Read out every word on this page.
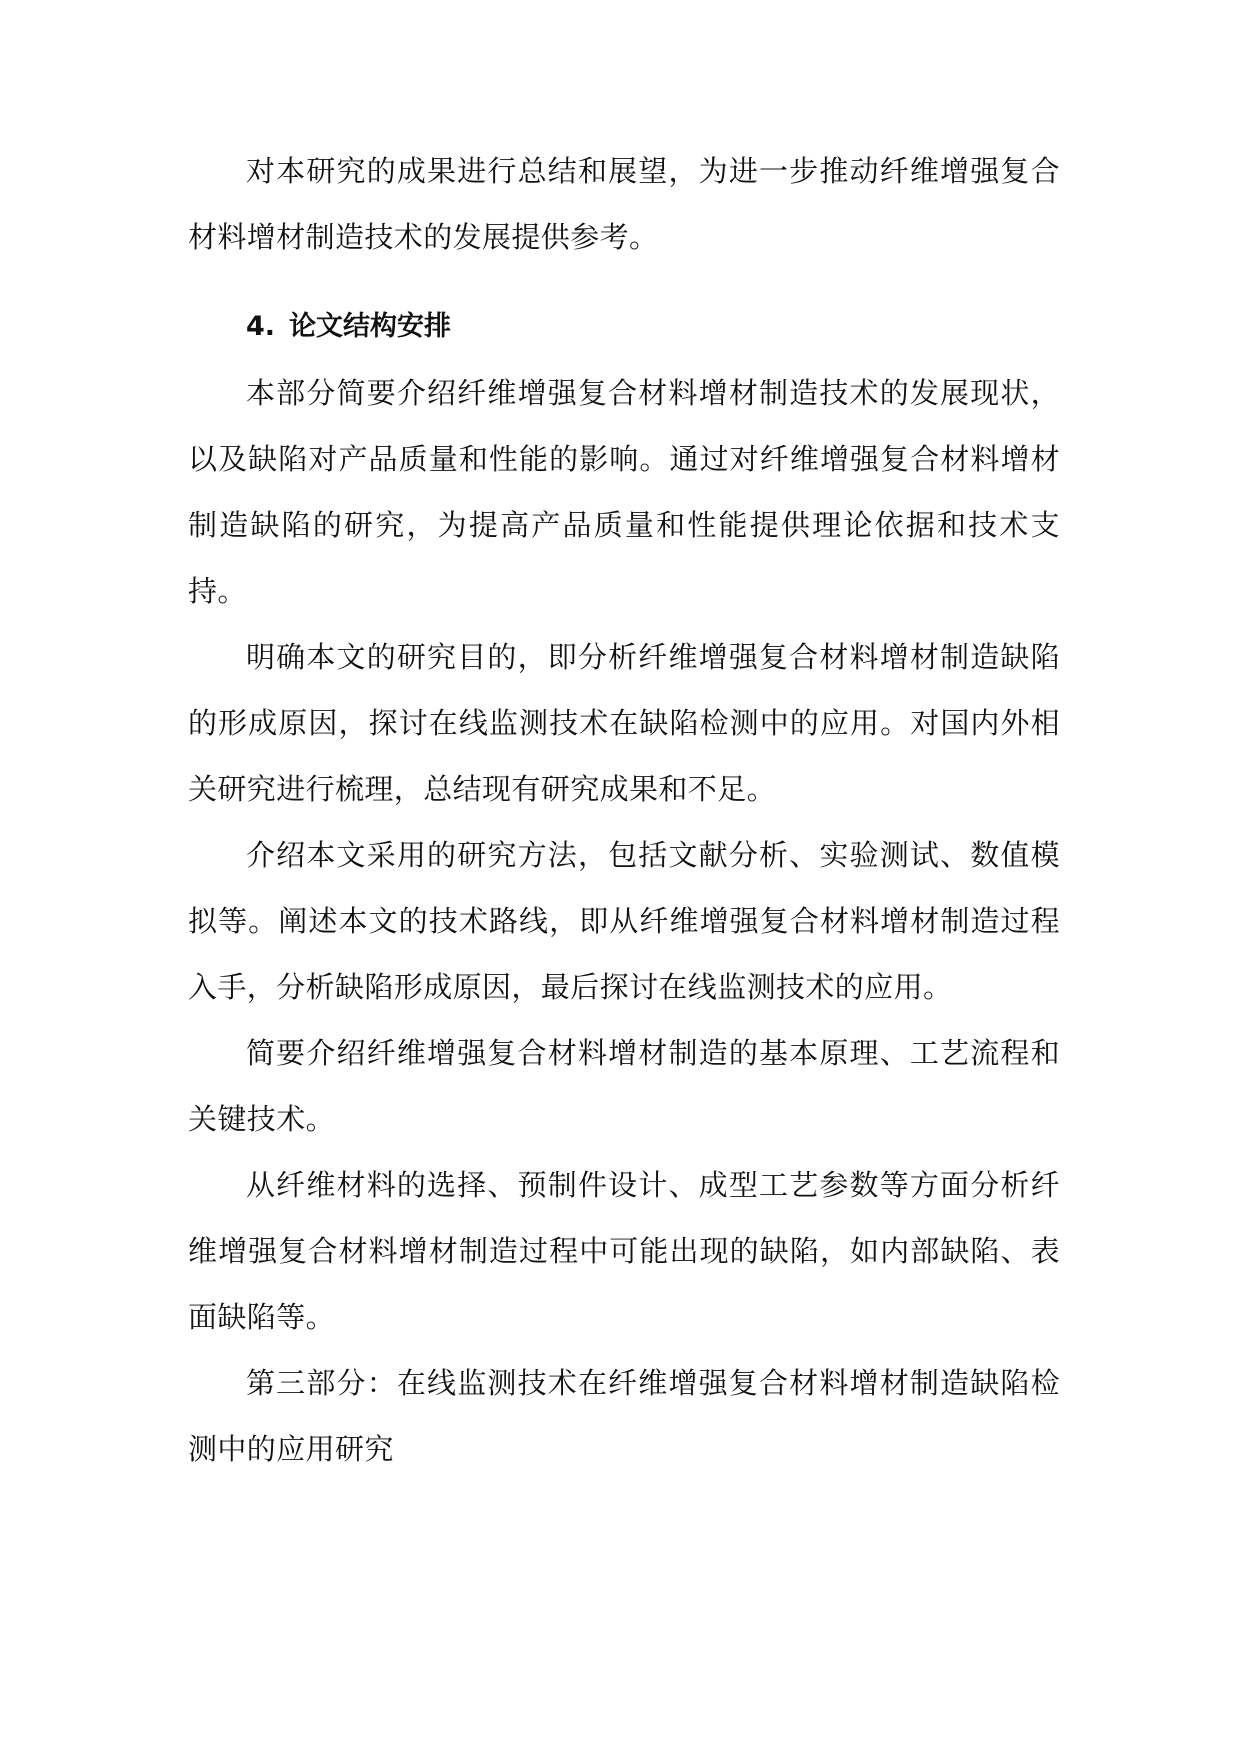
对本研究的成果进行总结和展望，为进一步推动纤维增强复合材料增材制造技术的发展提供参考。

4. 论文结构安排

本部分简要介绍纤维增强复合材料增材制造技术的发展现状，以及缺陷对产品质量和性能的影响。通过对纤维增强复合材料增材制造缺陷的研究，为提高产品质量和性能提供理论依据和技术支持。

明确本文的研究目的，即分析纤维增强复合材料增材制造缺陷的形成原因，探讨在线监测技术在缺陷检测中的应用。对国内外相关研究进行梳理，总结现有研究成果和不足。

介绍本文采用的研究方法，包括文献分析、实验测试、数值模拟等。阐述本文的技术路线，即从纤维增强复合材料增材制造过程入手，分析缺陷形成原因，最后探讨在线监测技术的应用。

简要介绍纤维增强复合材料增材制造的基本原理、工艺流程和关键技术。

从纤维材料的选择、预制件设计、成型工艺参数等方面分析纤维增强复合材料增材制造过程中可能出现的缺陷，如内部缺陷、表面缺陷等。

第三部分：在线监测技术在纤维增强复合材料增材制造缺陷检测中的应用研究
